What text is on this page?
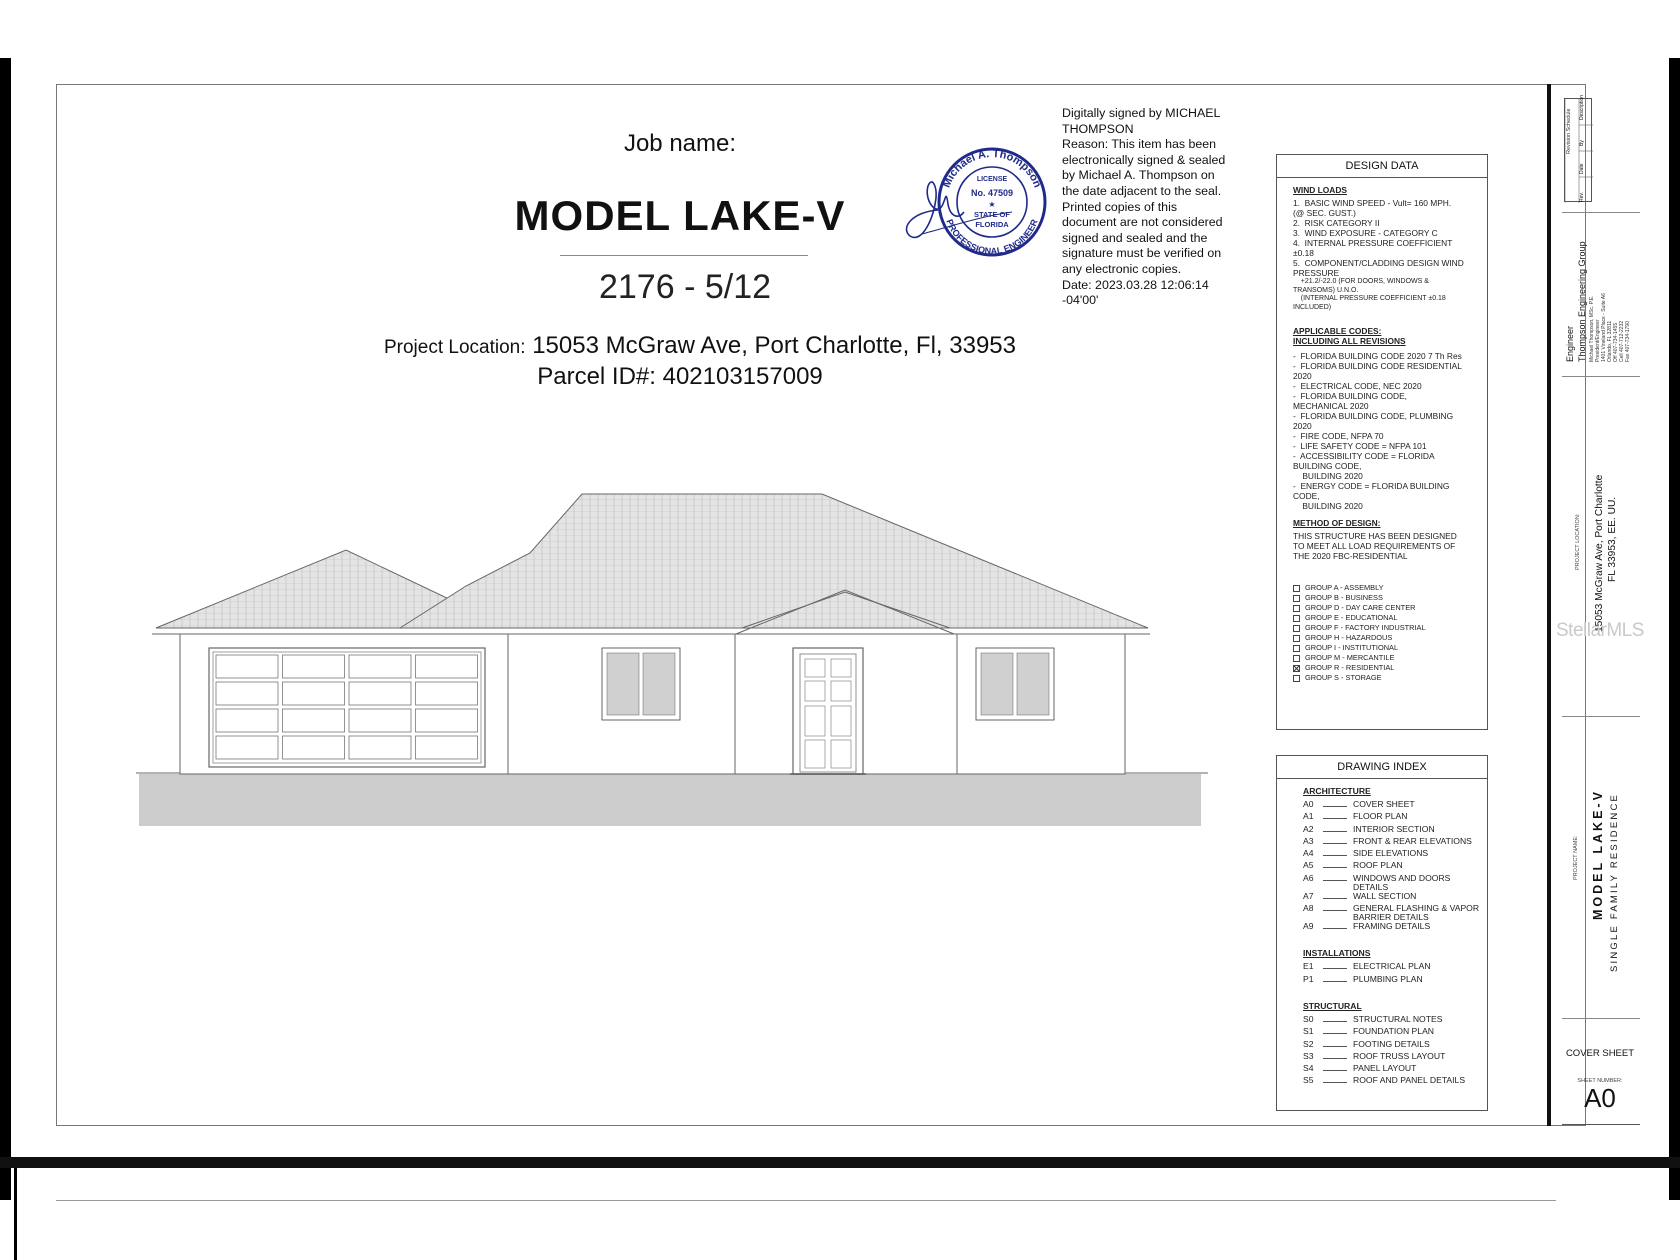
Job name:
MODEL LAKE-V
2176 - 5/12
Project Location: 15053 McGraw Ave, Port Charlotte, Fl, 33953
Parcel ID#: 402103157009
Michael A. Thompson
PROFESSIONAL ENGINEER
LICENSE
No. 47509
★
STATE OF
FLORIDA
Digitally signed by MICHAEL
THOMPSON
Reason: This item has been
electronically signed & sealed
by Michael A. Thompson on
the date adjacent to the seal.
Printed copies of this
document are not considered
signed and sealed and the
signature must be verified on
any electronic copies.
Date: 2023.03.28 12:06:14
-04'00'
DESIGN DATA
WIND LOADS
1.  BASIC WIND SPEED - Vult= 160 MPH.
(@ SEC. GUST.)
2.  RISK CATEGORY II
3.  WIND EXPOSURE - CATEGORY C
4.  INTERNAL PRESSURE COEFFICIENT
±0.18
5.  COMPONENT/CLADDING DESIGN WIND
PRESSURE
+21.2/-22.0 (FOR DOORS, WINDOWS &
TRANSOMS) U.N.O.
(INTERNAL PRESSURE COEFFICIENT ±0.18
INCLUDED)
APPLICABLE CODES:
INCLUDING ALL REVISIONS
-  FLORIDA BUILDING CODE 2020 7 Th Res
-  FLORIDA BUILDING CODE RESIDENTIAL
2020
-  ELECTRICAL CODE, NEC 2020
-  FLORIDA BUILDING CODE,
MECHANICAL 2020
-  FLORIDA BUILDING CODE, PLUMBING
2020
-  FIRE CODE, NFPA 70
-  LIFE SAFETY CODE = NFPA 101
-  ACCESSIBILITY CODE = FLORIDA
BUILDING CODE,
BUILDING 2020
-  ENERGY CODE = FLORIDA BUILDING
CODE,
BUILDING 2020
METHOD OF DESIGN:
THIS STRUCTURE HAS BEEN DESIGNED
TO MEET ALL LOAD REQUIREMENTS OF
THE 2020 FBC-RESIDENTIAL
GROUP A - ASSEMBLY
GROUP B - BUSINESS
GROUP D - DAY CARE CENTER
GROUP E - EDUCATIONAL
GROUP F - FACTORY INDUSTRIAL
GROUP H - HAZARDOUS
GROUP I - INSTITUTIONAL
GROUP M - MERCANTILE
GROUP R - RESIDENTIAL
GROUP S - STORAGE
DRAWING INDEX
ARCHITECTURE
A0	COVER SHEET
A1	FLOOR PLAN
A2	INTERIOR SECTION
A3	FRONT & REAR ELEVATIONS
A4	SIDE ELEVATIONS
A5	ROOF PLAN
A6	WINDOWS AND DOORS DETAILS
A7	WALL SECTION
A8	GENERAL FLASHING & VAPOR BARRIER DETAILS
A9	FRAMING DETAILS
INSTALLATIONS
E1	ELECTRICAL PLAN
P1	PLUMBING PLAN
STRUCTURAL
S0	STRUCTURAL NOTES
S1	FOUNDATION PLAN
S2	FOOTING DETAILS
S3	ROOF TRUSS LAYOUT
S4	PANEL LAYOUT
S5	ROOF AND PANEL DETAILS
Revision Schedule
Rev.
Date
By
Description
Engineer Thompson Engineering Group Michael Thompson, MSc. P.E. President/Engineer 1401 Vineland Place - Suite A6 Orlando, FL 32811 Off 407-734-1455 Cell 407-712-2232 Fax 407-734-1790
PROJECT LOCATION: 15053 McGraw Ave, Port Charlotte FL 33953, EE. UU.
PROJECT NAME: MODEL LAKE-V SINGLE FAMILY RESIDENCE
COVER SHEET
SHEET NUMBER:
A0
StellarMLS
